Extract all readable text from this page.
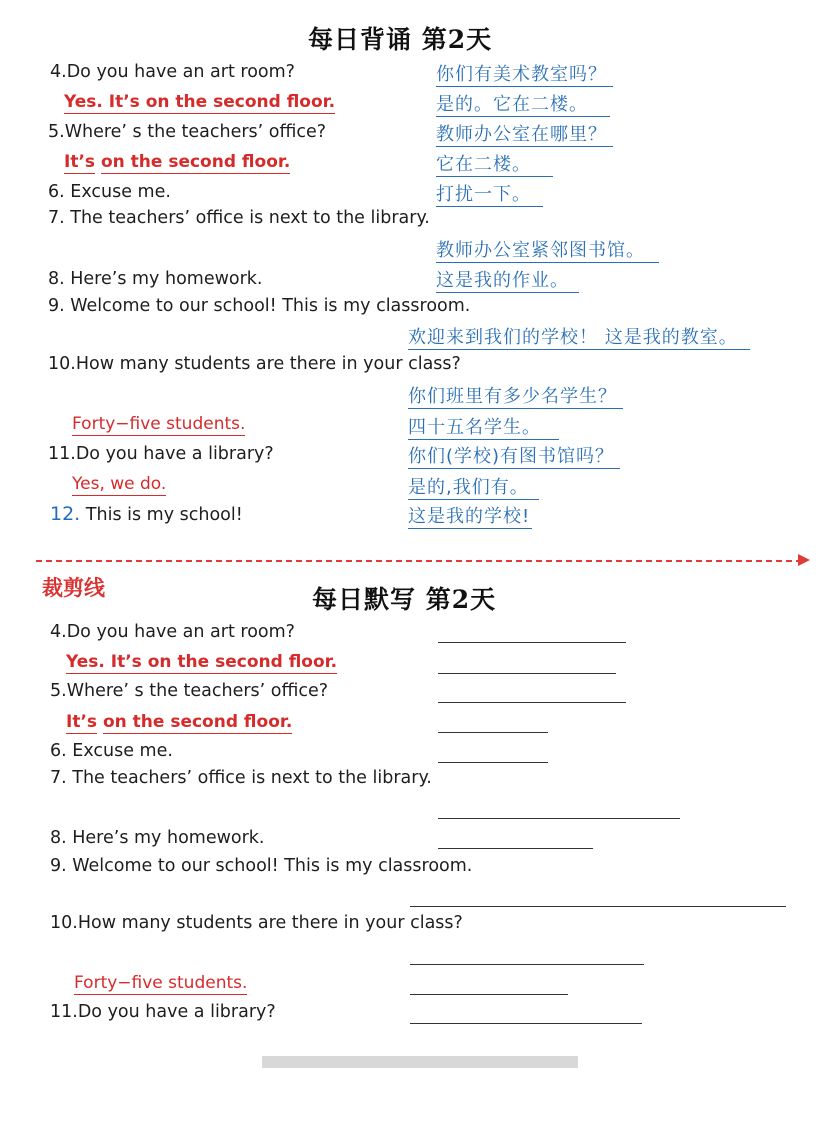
每日背诵 第2天
4.Do you have an art room?	你们有美术教室吗？
Yes. It’s on the second floor.	是的。它在二楼。
5.Where’ s the teachers’ office?	教师办公室在哪里？
It’s on the second floor.	它在二楼。
6. Excuse me.	打扰一下。
7. The teachers’ office is next to the library.
教师办公室紧邻图书馆。
8. Here’s my homework.	这是我的作业。
9. Welcome to our school! This is my classroom.
欢迎来到我们的学校！ 这是我的教室。
10.How many students are there in your class?
你们班里有多少名学生？
Forty−five students.	四十五名学生。
11.Do you have a library?	你们(学校)有图书馆吗？
Yes, we do.	是的,我们有。
12. This is my school!	这是我的学校!
裁剪线	每日默写 第2天
4.Do you have an art room?
Yes. It’s on the second floor.
5.Where’ s the teachers’ office?
It’s on the second floor.
6. Excuse me.
7. The teachers’ office is next to the library.
8. Here’s my homework.
9. Welcome to our school! This is my classroom.
10.How many students are there in your class?
Forty−five students.
11.Do you have a library?
